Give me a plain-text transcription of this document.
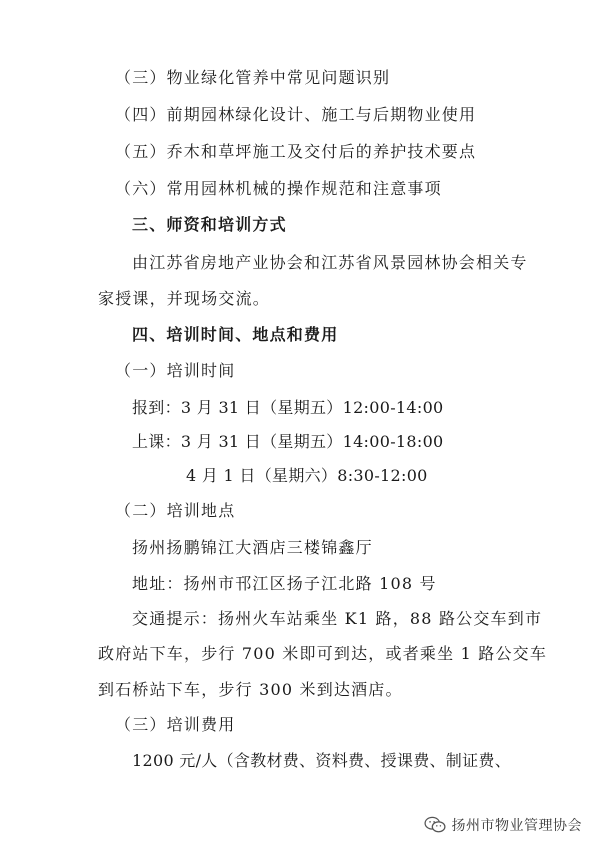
（三）物业绿化管养中常见问题识别
（四）前期园林绿化设计、施工与后期物业使用
（五）乔木和草坪施工及交付后的养护技术要点
（六）常用园林机械的操作规范和注意事项
三、师资和培训方式
由江苏省房地产业协会和江苏省风景园林协会相关专
家授课，并现场交流。
四、培训时间、地点和费用
（一）培训时间
报到：3 月 31 日（星期五）12:00-14:00
上课：3 月 31 日（星期五）14:00-18:00
4 月 1 日（星期六）8:30-12:00
（二）培训地点
扬州扬鹏锦江大酒店三楼锦鑫厅
地址：扬州市邗江区扬子江北路 108 号
交通提示：扬州火车站乘坐 K1 路，88 路公交车到市
政府站下车，步行 700 米即可到达，或者乘坐 1 路公交车
到石桥站下车，步行 300 米到达酒店。
（三）培训费用
1200 元/人（含教材费、资料费、授课费、制证费、
扬州市物业管理协会
